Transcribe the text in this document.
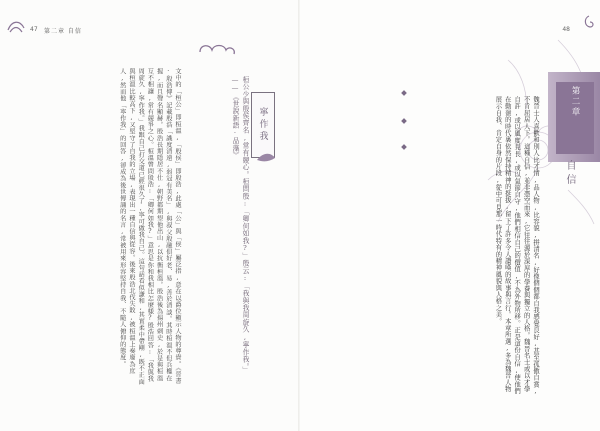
47 第二章 自信
文中的「桓公」即桓溫,「殷侯」即殷浩,此處「公」與「侯」屬泛指,意在以爵位顯示人物的尊貴。《晉書·殷浩傳》記載殷浩「識度清遠,弱冠有美名」,與叔父殷融俱好老、易,善於清談。其時桓溫不但兵權在握,而且聲名顯赫。殷浩長期隱居不仕,朝野都期望他出山,以抗衡桓溫。殷浩後為揚州刺史,於是與桓溫互不相讓,常有競爭之心。桓溫曾問殷浩:「卿何如我?」意思是你和我相比怎麼樣?殷浩回答:「我與我周旋久,寧作我。」我跟自己打交道已經很久了,寧可做我自己。這句話看似謙和,其實柔中帶剛,既不正面與桓溫比較高下,又堅守了自我的立場,表現出一種自信與從容。後來殷浩北伐失敗,被桓溫上奏廢為庶人,然而他「寧作我」的回答,卻成為後世傳誦的名言,常被用來形容堅持自我、不隨人俯仰的態度。	桓公少與殷侯齊名,常有競心。桓問殷:「卿何如我?」殷云:「我與我周旋久,寧作我。」 ——《世說新語·品藻》	寧作我
48
第二章
自信
魏晉士人喜歡和別人比才情,品人物,比容貌,拼清名,好像個個都自我感覺良好,甚至孤傲自賞,不肯屈居人下。這種自信,並非憑空而來,它往往源於深厚的學養與獨立的人格。魏晉名士或以才學自許,或以風度見長,或以氣節自守,他們相信自己的價值,不為外物所移。正是這份自信,使他們在動盪的時代裏依然保持精神的挺拔,留下了許多令人讚嘆的故事與言行。本章所選,多為魏晉人物展示自我、肯定自身的片段,從中可見那一時代特有的精神風貌與人格之美。
